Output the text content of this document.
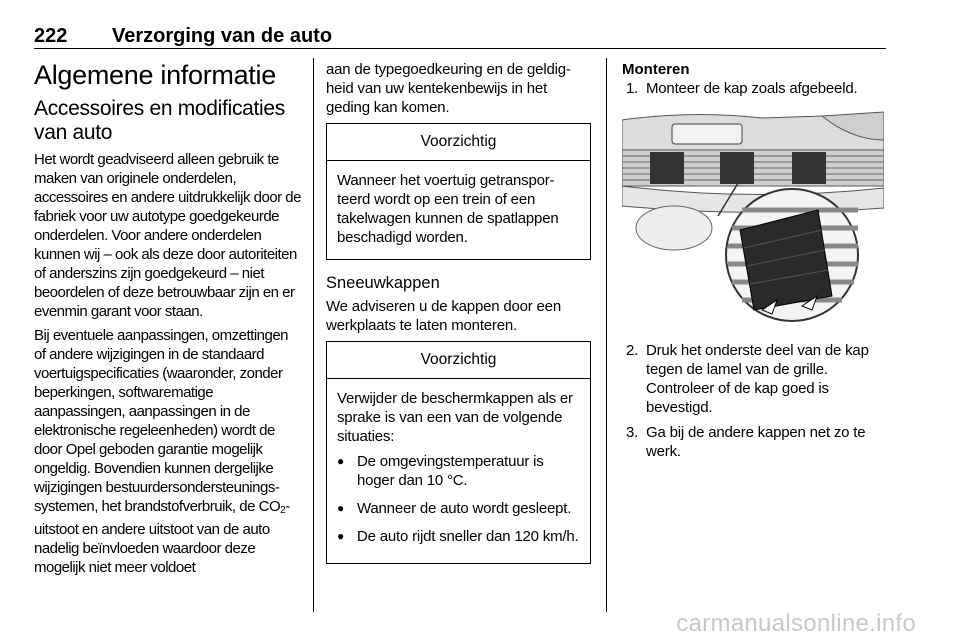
222 Verzorging van de auto
Algemene informatie
Accessoires en modificaties van auto

Het wordt geadviseerd alleen gebruik te maken van originele onderdelen, accessoires en andere uitdrukkelijk door de fabriek voor uw autotype goedgekeurde onderdelen. Voor andere onderdelen kunnen wij – ook als deze door autoriteiten of anderszins zijn goedgekeurd – niet beoordelen of deze betrouwbaar zijn en er evenmin garant voor staan.

Bij eventuele aanpassingen, omzettingen of andere wijzigingen in de standaard voertuigspecificaties (waaronder, zonder beperkingen, softwarematige aanpassingen, aanpassingen in de elektronische regeleenheden) wordt de door Opel geboden garantie mogelijk ongeldig. Bovendien kunnen dergelijke wijzigingen bestuurdersondersteuningssystemen, het brandstofverbruik, de $CO_2$-uitstoot en andere uitstoot van de auto nadelig beïnvloeden waardoor deze mogelijk niet meer voldoet

aan de typegoedkeuring en de geldigheid van uw kentekenbewijs in het geding kan komen.

Voorzichtig

Wanneer het voertuig getransporteerd wordt op een trein of een takelwagen kunnen de spatlappen beschadigd worden.

Sneeuwkappen

We adviseren u de kappen door een werkplaats te laten monteren.

Voorzichtig

Verwijder de beschermkappen als er sprake is van een van de volgende situaties:

● De omgevingstemperatuur is hoger dan 10 °C.
● Wanneer de auto wordt gesleept.
● De auto rijdt sneller dan 120 km/h.
Monteren
1. Monteer de kap zoals afgebeeld.
2. Druk het onderste deel van de kap tegen de lamel van de grille. Controleer of de kap goed is bevestigd.
3. Ga bij de andere kappen net zo te werk.
carmanualsonline.info
